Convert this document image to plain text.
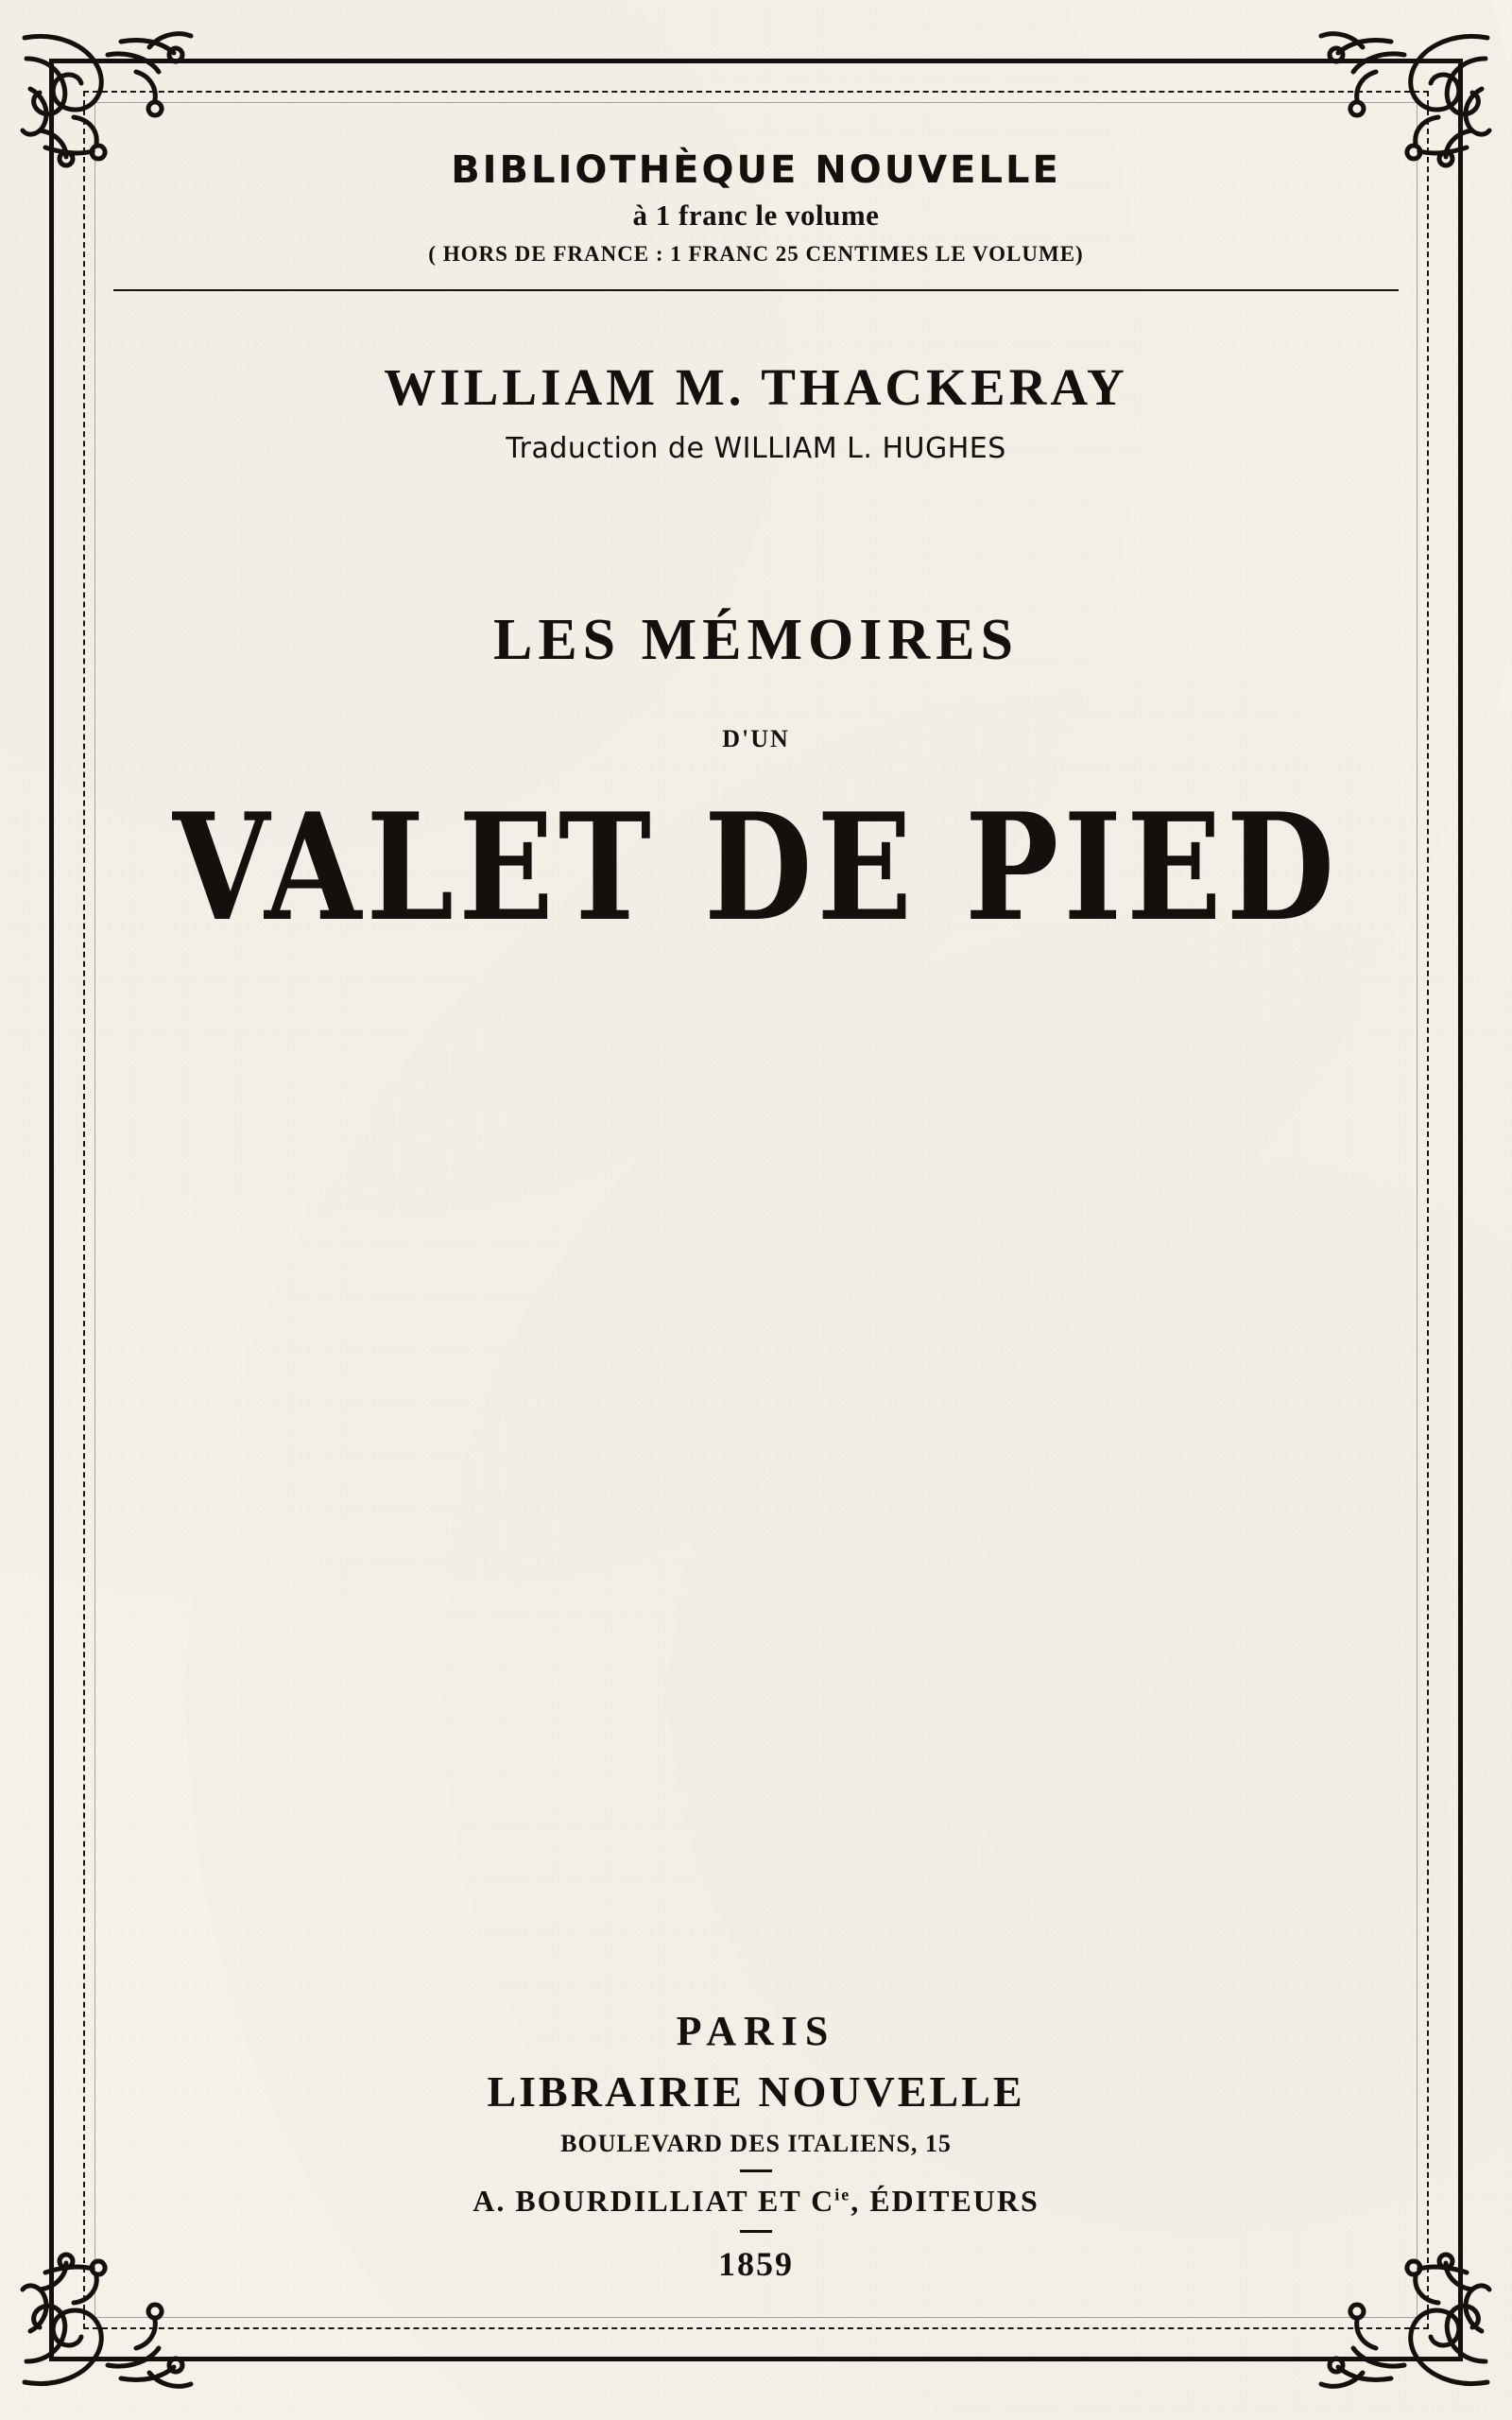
BIBLIOTHÈQUE NOUVELLE
à 1 franc le volume
( HORS DE FRANCE : 1 FRANC 25 CENTIMES LE VOLUME)
WILLIAM M. THACKERAY
Traduction de WILLIAM L. HUGHES
LES MÉMOIRES
D'UN
VALET DE PIED
PARIS
LIBRAIRIE NOUVELLE
BOULEVARD DES ITALIENS, 15
A. BOURDILLIAT ET $C^{ie}$, ÉDITEURS
1859
